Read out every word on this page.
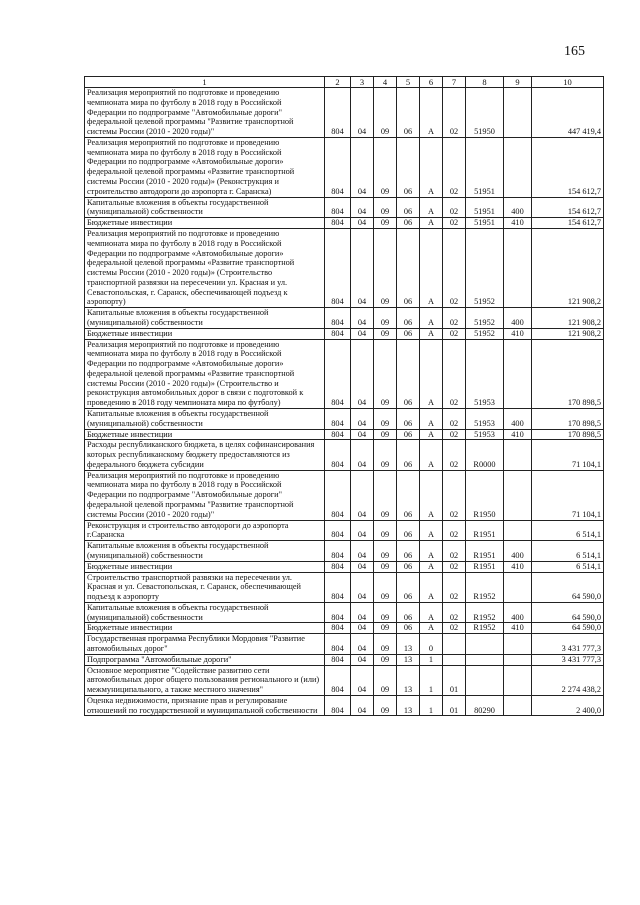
165
1	2	3	4	5	6	7	8	9	10
Реализация мероприятий по подготовке и проведению чемпионата мира по футболу в 2018 году в Российской Федерации по подпрограмме "Автомобильные дороги" федеральной целевой программы "Развитие транспортной системы России (2010 - 2020 годы)"	804	04	09	06	А	02	51950		447 419,4
Реализация мероприятий по подготовке и проведению чемпионата мира по футболу в 2018 году в Российской Федерации по подпрограмме «Автомобильные дороги» федеральной целевой программы «Развитие транспортной системы России (2010 - 2020 годы)» (Реконструкция и строительство автодороги до аэропорта г. Саранска)	804	04	09	06	А	02	51951		154 612,7
Капитальные вложения в объекты государственной (муниципальной) собственности	804	04	09	06	А	02	51951	400	154 612,7
Бюджетные инвестиции	804	04	09	06	А	02	51951	410	154 612,7
Реализация мероприятий по подготовке и проведению чемпионата мира по футболу в 2018 году в Российской Федерации по подпрограмме «Автомобильные дороги» федеральной целевой программы «Развитие транспортной системы России (2010 - 2020 годы)» (Строительство транспортной развязки на пересечении ул. Красная и ул. Севастопольская, г. Саранск, обеспечивающей подъезд к аэропорту)	804	04	09	06	А	02	51952		121 908,2
Капитальные вложения в объекты государственной (муниципальной) собственности	804	04	09	06	А	02	51952	400	121 908,2
Бюджетные инвестиции	804	04	09	06	А	02	51952	410	121 908,2
Реализация мероприятий по подготовке и проведению чемпионата мира по футболу в 2018 году в Российской Федерации по подпрограмме «Автомобильные дороги» федеральной целевой программы «Развитие транспортной системы России (2010 - 2020 годы)» (Строительство и реконструкция автомобильных дорог в связи с подготовкой к проведению в 2018 году чемпионата мира по футболу)	804	04	09	06	А	02	51953		170 898,5
Капитальные вложения в объекты государственной (муниципальной) собственности	804	04	09	06	А	02	51953	400	170 898,5
Бюджетные инвестиции	804	04	09	06	А	02	51953	410	170 898,5
Расходы республиканского бюджета, в целях софинансирования которых республиканскому бюджету предоставляются из федерального бюджета субсидии	804	04	09	06	А	02	R0000		71 104,1
Реализация мероприятий по подготовке и проведению чемпионата мира по футболу в 2018 году в Российской Федерации по подпрограмме "Автомобильные дороги" федеральной целевой программы "Развитие транспортной системы России (2010 - 2020 годы)"	804	04	09	06	А	02	R1950		71 104,1
Реконструкция и строительство автодороги до аэропорта г.Саранска	804	04	09	06	А	02	R1951		6 514,1
Капитальные вложения в объекты государственной (муниципальной) собственности	804	04	09	06	А	02	R1951	400	6 514,1
Бюджетные инвестиции	804	04	09	06	А	02	R1951	410	6 514,1
Строительство транспортной развязки на пересечении ул. Красная и ул. Севастопольская, г. Саранск, обеспечивающей подъезд к аэропорту	804	04	09	06	А	02	R1952		64 590,0
Капитальные вложения в объекты государственной (муниципальной) собственности	804	04	09	06	А	02	R1952	400	64 590,0
Бюджетные инвестиции	804	04	09	06	А	02	R1952	410	64 590,0
Государственная программа Республики Мордовия "Развитие автомобильных дорог"	804	04	09	13	0				3 431 777,3
Подпрограмма "Автомобильные дороги"	804	04	09	13	1				3 431 777,3
Основное мероприятие "Содействие развитию сети автомобильных дорог общего пользования регионального и (или) межмуниципального, а также местного значения"	804	04	09	13	1	01			2 274 438,2
Оценка недвижимости, признание прав и регулирование отношений по государственной и муниципальной собственности	804	04	09	13	1	01	80290		2 400,0
